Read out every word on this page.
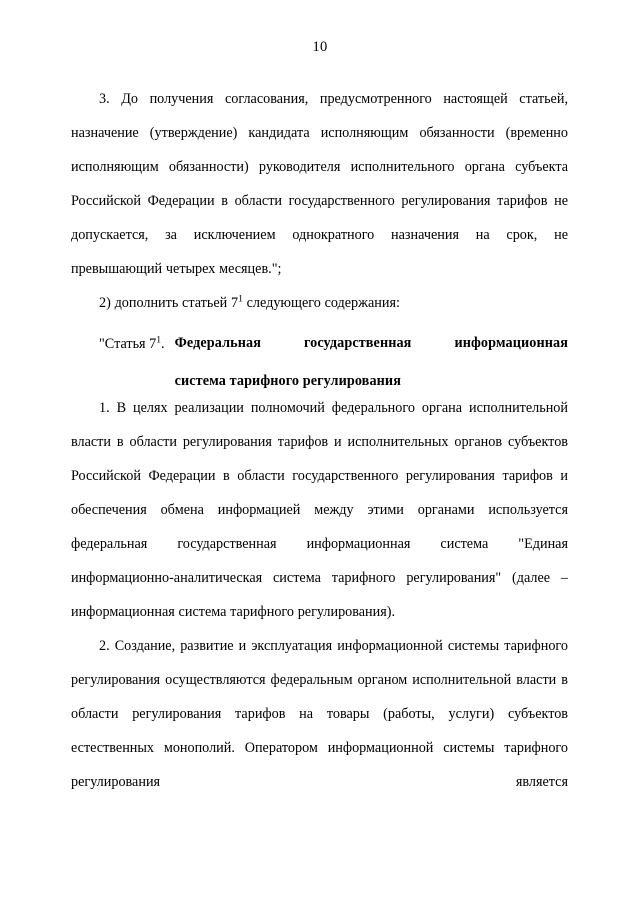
10

3. До получения согласования, предусмотренного настоящей статьей, назначение (утверждение) кандидата исполняющим обязанности (временно исполняющим обязанности) руководителя исполнительного органа субъекта Российской Федерации в области государственного регулирования тарифов не допускается, за исключением однократного назначения на срок, не превышающий четырех месяцев.";

2) дополнить статьей $7^1$ следующего содержания:

"Статья $7^1$. Федеральная государственная информационная
система тарифного регулирования

1. В целях реализации полномочий федерального органа исполнительной власти в области регулирования тарифов и исполнительных органов субъектов Российской Федерации в области государственного регулирования тарифов и обеспечения обмена информацией между этими органами используется федеральная государственная информационная система "Единая информационно-аналитическая система тарифного регулирования" (далее – информационная система тарифного регулирования).

2. Создание, развитие и эксплуатация информационной системы тарифного регулирования осуществляются федеральным органом исполнительной власти в области регулирования тарифов на товары (работы, услуги) субъектов естественных монополий. Оператором информационной системы тарифного регулирования является
